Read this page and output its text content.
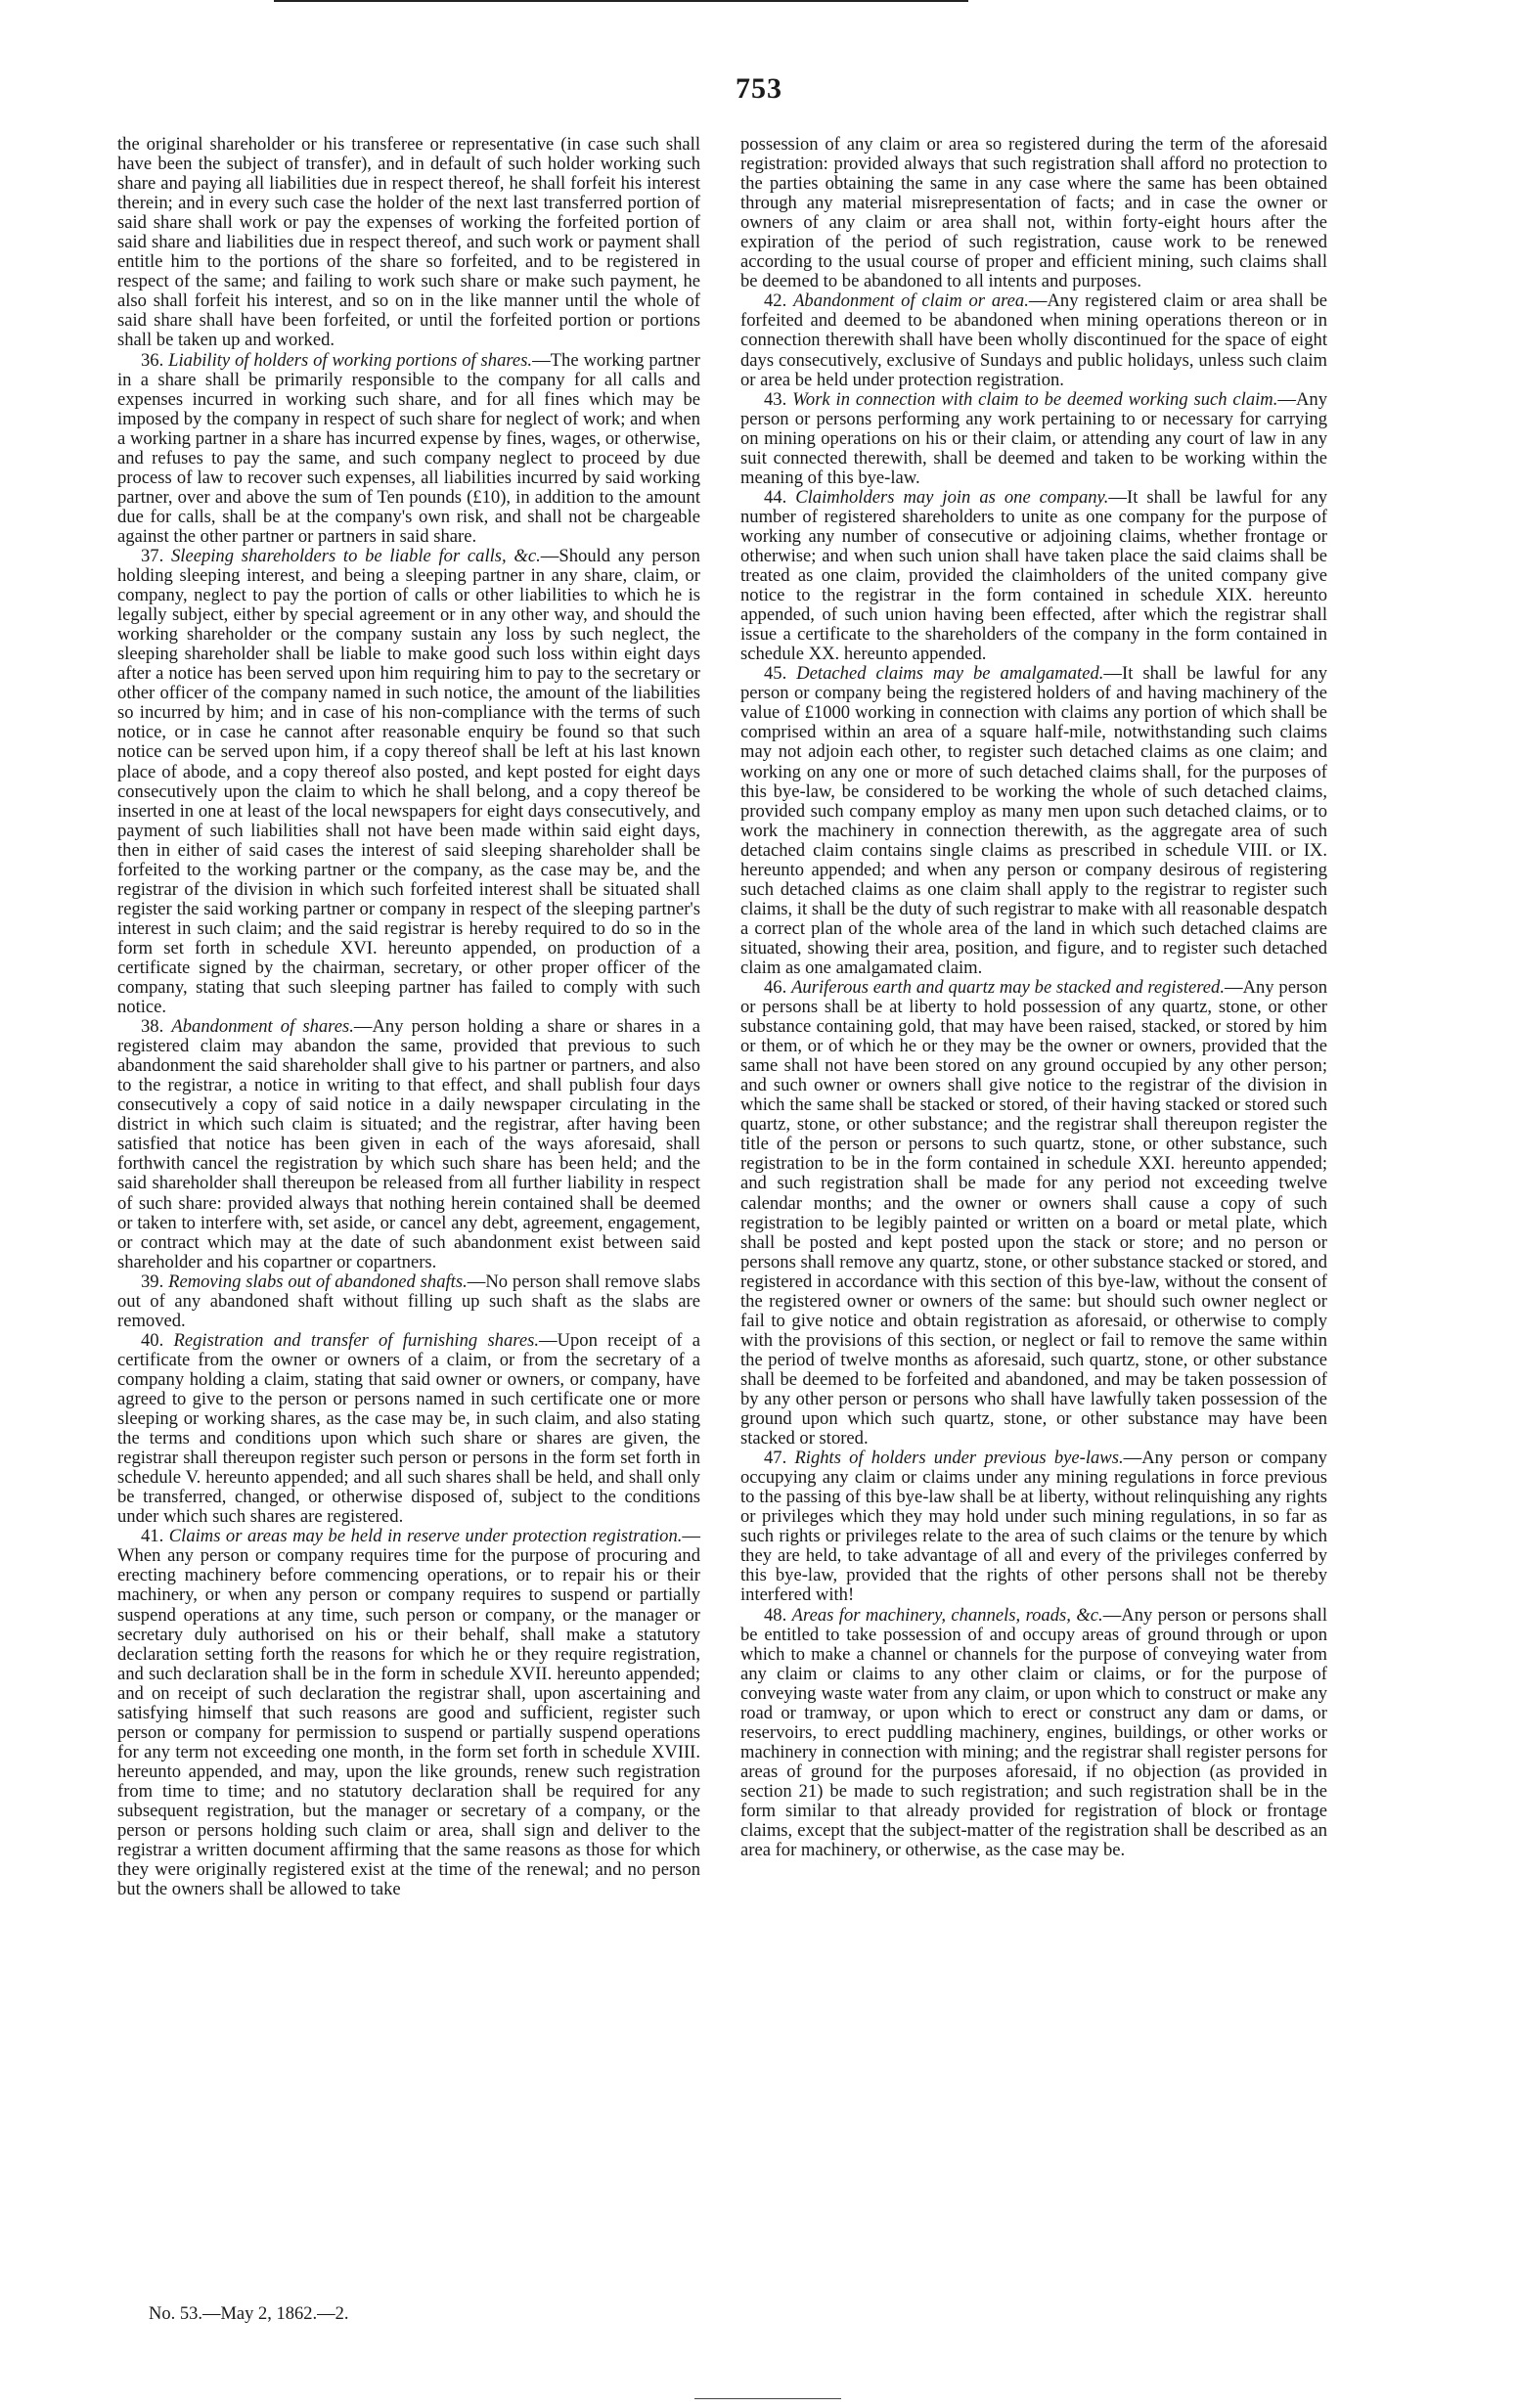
753

the original shareholder or his transferee or representative (in case such shall have been the subject of transfer), and in default of such holder working such share and paying all liabilities due in respect thereof, he shall forfeit his interest therein; and in every such case the holder of the next last transferred portion of said share shall work or pay the expenses of working the forfeited portion of said share and liabilities due in respect thereof, and such work or payment shall entitle him to the portions of the share so forfeited, and to be registered in respect of the same; and failing to work such share or make such payment, he also shall forfeit his interest, and so on in the like manner until the whole of said share shall have been forfeited, or until the forfeited portion or portions shall be taken up and worked.

36. Liability of holders of working portions of shares.—The working partner in a share shall be primarily responsible to the company for all calls and expenses incurred in working such share, and for all fines which may be imposed by the company in respect of such share for neglect of work; and when a working partner in a share has incurred expense by fines, wages, or otherwise, and refuses to pay the same, and such company neglect to proceed by due process of law to recover such expenses, all liabilities incurred by said working partner, over and above the sum of Ten pounds (£10), in addition to the amount due for calls, shall be at the company's own risk, and shall not be chargeable against the other partner or partners in said share.

37. Sleeping shareholders to be liable for calls, &c.—Should any person holding sleeping interest, and being a sleeping partner in any share, claim, or company, neglect to pay the portion of calls or other liabilities to which he is legally subject, either by special agreement or in any other way, and should the working shareholder or the company sustain any loss by such neglect, the sleeping shareholder shall be liable to make good such loss within eight days after a notice has been served upon him requiring him to pay to the secretary or other officer of the company named in such notice, the amount of the liabilities so incurred by him; and in case of his non-compliance with the terms of such notice, or in case he cannot after reasonable enquiry be found so that such notice can be served upon him, if a copy thereof shall be left at his last known place of abode, and a copy thereof also posted, and kept posted for eight days consecutively upon the claim to which he shall belong, and a copy thereof be inserted in one at least of the local newspapers for eight days consecutively, and payment of such liabilities shall not have been made within said eight days, then in either of said cases the interest of said sleeping shareholder shall be forfeited to the working partner or the company, as the case may be, and the registrar of the division in which such forfeited interest shall be situated shall register the said working partner or company in respect of the sleeping partner's interest in such claim; and the said registrar is hereby required to do so in the form set forth in schedule XVI. hereunto appended, on production of a certificate signed by the chairman, secretary, or other proper officer of the company, stating that such sleeping partner has failed to comply with such notice.

38. Abandonment of shares.—Any person holding a share or shares in a registered claim may abandon the same, provided that previous to such abandonment the said shareholder shall give to his partner or partners, and also to the registrar, a notice in writing to that effect, and shall publish four days consecutively a copy of said notice in a daily newspaper circulating in the district in which such claim is situated; and the registrar, after having been satisfied that notice has been given in each of the ways aforesaid, shall forthwith cancel the registration by which such share has been held; and the said shareholder shall thereupon be released from all further liability in respect of such share: provided always that nothing herein contained shall be deemed or taken to interfere with, set aside, or cancel any debt, agreement, engagement, or contract which may at the date of such abandonment exist between said shareholder and his copartner or copartners.

39. Removing slabs out of abandoned shafts.—No person shall remove slabs out of any abandoned shaft without filling up such shaft as the slabs are removed.

40. Registration and transfer of furnishing shares.—Upon receipt of a certificate from the owner or owners of a claim, or from the secretary of a company holding a claim, stating that said owner or owners, or company, have agreed to give to the person or persons named in such certificate one or more sleeping or working shares, as the case may be, in such claim, and also stating the terms and conditions upon which such share or shares are given, the registrar shall thereupon register such person or persons in the form set forth in schedule V. hereunto appended; and all such shares shall be held, and shall only be transferred, changed, or otherwise disposed of, subject to the conditions under which such shares are registered.

41. Claims or areas may be held in reserve under protection registration.—When any person or company requires time for the purpose of procuring and erecting machinery before commencing operations, or to repair his or their machinery, or when any person or company requires to suspend or partially suspend operations at any time, such person or company, or the manager or secretary duly authorised on his or their behalf, shall make a statutory declaration setting forth the reasons for which he or they require registration, and such declaration shall be in the form in schedule XVII. hereunto appended; and on receipt of such declaration the registrar shall, upon ascertaining and satisfying himself that such reasons are good and sufficient, register such person or company for permission to suspend or partially suspend operations for any term not exceeding one month, in the form set forth in schedule XVIII. hereunto appended, and may, upon the like grounds, renew such registration from time to time; and no statutory declaration shall be required for any subsequent registration, but the manager or secretary of a company, or the person or persons holding such claim or area, shall sign and deliver to the registrar a written document affirming that the same reasons as those for which they were originally registered exist at the time of the renewal; and no person but the owners shall be allowed to take

possession of any claim or area so registered during the term of the aforesaid registration: provided always that such registration shall afford no protection to the parties obtaining the same in any case where the same has been obtained through any material misrepresentation of facts; and in case the owner or owners of any claim or area shall not, within forty-eight hours after the expiration of the period of such registration, cause work to be renewed according to the usual course of proper and efficient mining, such claims shall be deemed to be abandoned to all intents and purposes.

42. Abandonment of claim or area.—Any registered claim or area shall be forfeited and deemed to be abandoned when mining operations thereon or in connection therewith shall have been wholly discontinued for the space of eight days consecutively, exclusive of Sundays and public holidays, unless such claim or area be held under protection registration.

43. Work in connection with claim to be deemed working such claim.—Any person or persons performing any work pertaining to or necessary for carrying on mining operations on his or their claim, or attending any court of law in any suit connected therewith, shall be deemed and taken to be working within the meaning of this bye-law.

44. Claimholders may join as one company.—It shall be lawful for any number of registered shareholders to unite as one company for the purpose of working any number of consecutive or adjoining claims, whether frontage or otherwise; and when such union shall have taken place the said claims shall be treated as one claim, provided the claimholders of the united company give notice to the registrar in the form contained in schedule XIX. hereunto appended, of such union having been effected, after which the registrar shall issue a certificate to the shareholders of the company in the form contained in schedule XX. hereunto appended.

45. Detached claims may be amalgamated.—It shall be lawful for any person or company being the registered holders of and having machinery of the value of £1000 working in connection with claims any portion of which shall be comprised within an area of a square half-mile, notwithstanding such claims may not adjoin each other, to register such detached claims as one claim; and working on any one or more of such detached claims shall, for the purposes of this bye-law, be considered to be working the whole of such detached claims, provided such company employ as many men upon such detached claims, or to work the machinery in connection therewith, as the aggregate area of such detached claim contains single claims as prescribed in schedule VIII. or IX. hereunto appended; and when any person or company desirous of registering such detached claims as one claim shall apply to the registrar to register such claims, it shall be the duty of such registrar to make with all reasonable despatch a correct plan of the whole area of the land in which such detached claims are situated, showing their area, position, and figure, and to register such detached claim as one amalgamated claim.

46. Auriferous earth and quartz may be stacked and registered.—Any person or persons shall be at liberty to hold possession of any quartz, stone, or other substance containing gold, that may have been raised, stacked, or stored by him or them, or of which he or they may be the owner or owners, provided that the same shall not have been stored on any ground occupied by any other person; and such owner or owners shall give notice to the registrar of the division in which the same shall be stacked or stored, of their having stacked or stored such quartz, stone, or other substance; and the registrar shall thereupon register the title of the person or persons to such quartz, stone, or other substance, such registration to be in the form contained in schedule XXI. hereunto appended; and such registration shall be made for any period not exceeding twelve calendar months; and the owner or owners shall cause a copy of such registration to be legibly painted or written on a board or metal plate, which shall be posted and kept posted upon the stack or store; and no person or persons shall remove any quartz, stone, or other substance stacked or stored, and registered in accordance with this section of this bye-law, without the consent of the registered owner or owners of the same: but should such owner neglect or fail to give notice and obtain registration as aforesaid, or otherwise to comply with the provisions of this section, or neglect or fail to remove the same within the period of twelve months as aforesaid, such quartz, stone, or other substance shall be deemed to be forfeited and abandoned, and may be taken possession of by any other person or persons who shall have lawfully taken possession of the ground upon which such quartz, stone, or other substance may have been stacked or stored.

47. Rights of holders under previous bye-laws.—Any person or company occupying any claim or claims under any mining regulations in force previous to the passing of this bye-law shall be at liberty, without relinquishing any rights or privileges which they may hold under such mining regulations, in so far as such rights or privileges relate to the area of such claims or the tenure by which they are held, to take advantage of all and every of the privileges conferred by this bye-law, provided that the rights of other persons shall not be thereby interfered with!

48. Areas for machinery, channels, roads, &c.—Any person or persons shall be entitled to take possession of and occupy areas of ground through or upon which to make a channel or channels for the purpose of conveying water from any claim or claims to any other claim or claims, or for the purpose of conveying waste water from any claim, or upon which to construct or make any road or tramway, or upon which to erect or construct any dam or dams, or reservoirs, to erect puddling machinery, engines, buildings, or other works or machinery in connection with mining; and the registrar shall register persons for areas of ground for the purposes aforesaid, if no objection (as provided in section 21) be made to such registration; and such registration shall be in the form similar to that already provided for registration of block or frontage claims, except that the subject-matter of the registration shall be described as an area for machinery, or otherwise, as the case may be.

No. 53.—May 2, 1862.—2.
